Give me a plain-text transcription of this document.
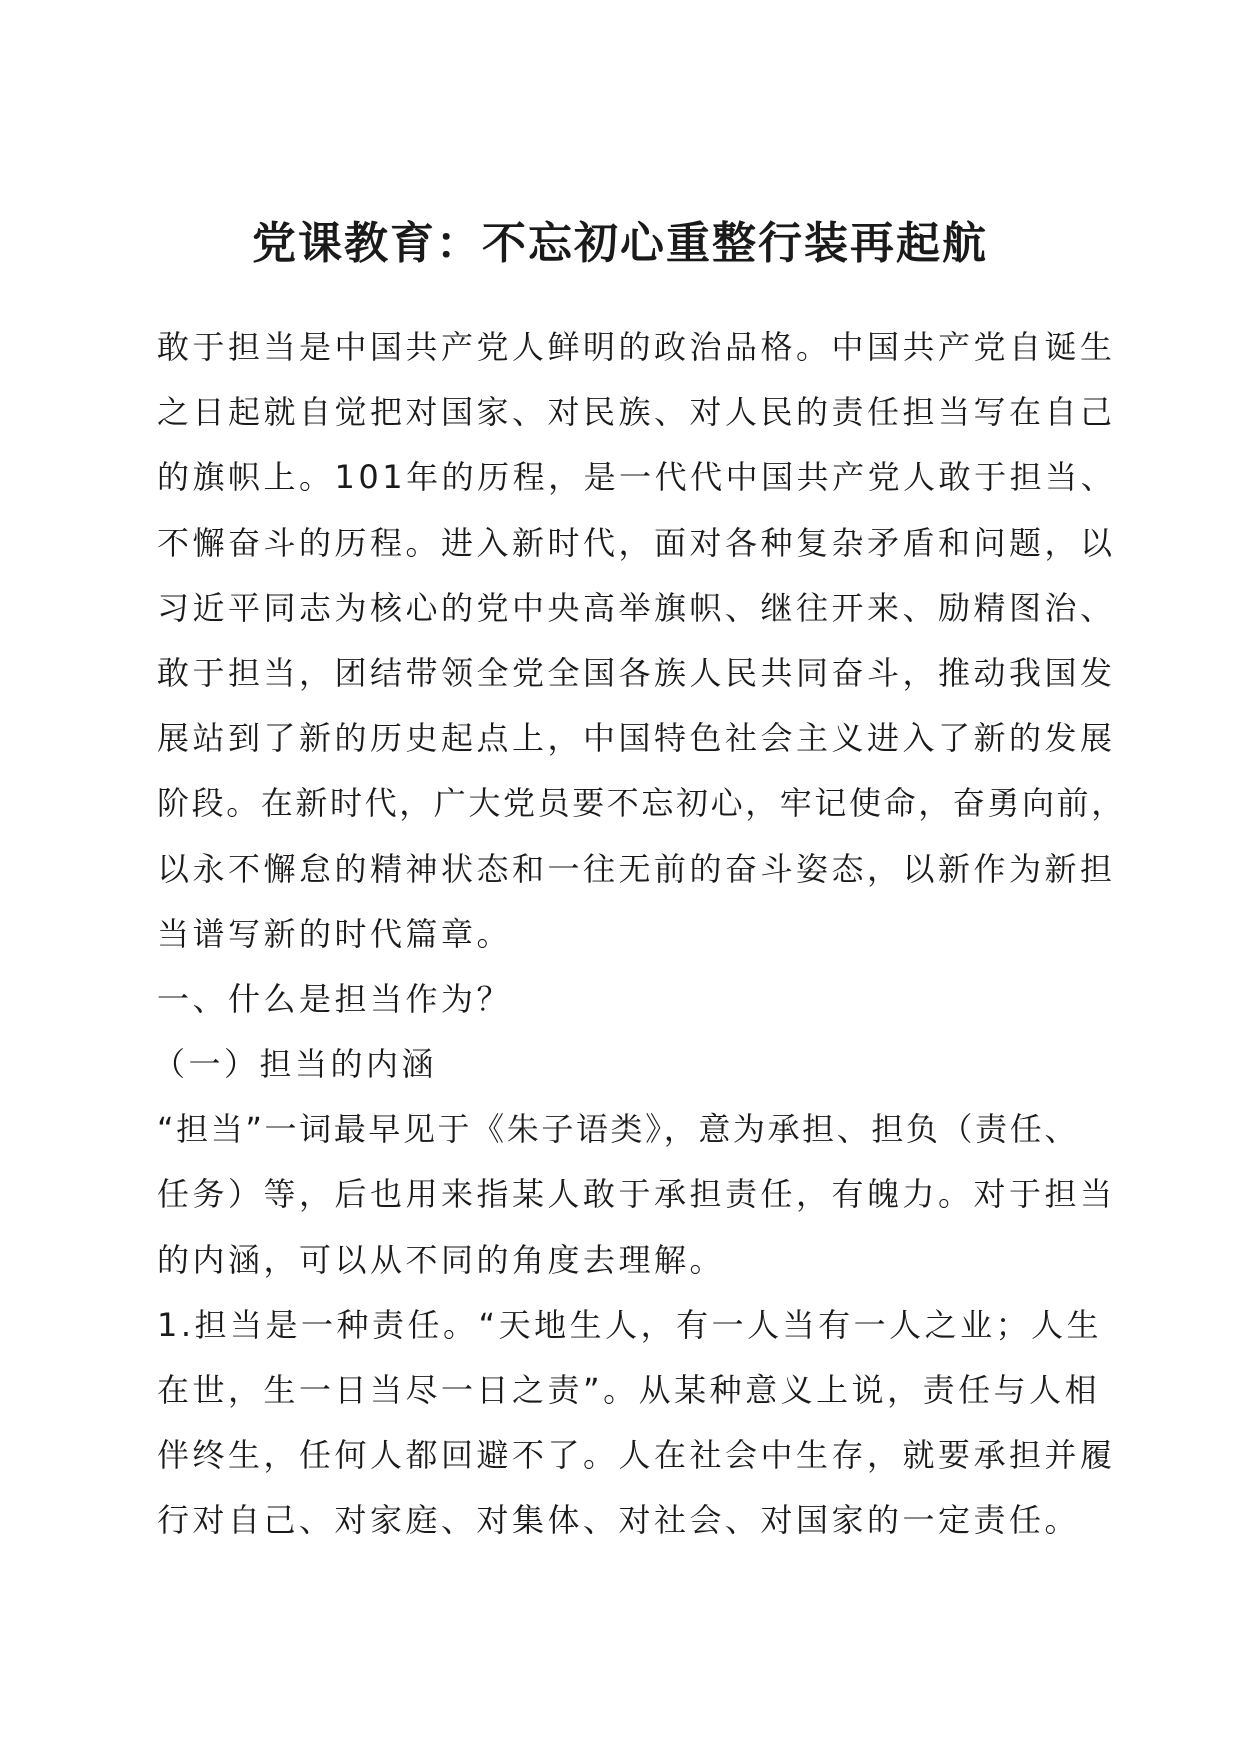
党课教育：不忘初心重整行装再起航
敢于担当是中国共产党人鲜明的政治品格。中国共产党自诞生
之日起就自觉把对国家、对民族、对人民的责任担当写在自己
的旗帜上。101年的历程，是一代代中国共产党人敢于担当、
不懈奋斗的历程。进入新时代，面对各种复杂矛盾和问题，以
习近平同志为核心的党中央高举旗帜、继往开来、励精图治、
敢于担当，团结带领全党全国各族人民共同奋斗，推动我国发
展站到了新的历史起点上，中国特色社会主义进入了新的发展
阶段。在新时代，广大党员要不忘初心，牢记使命，奋勇向前，
以永不懈怠的精神状态和一往无前的奋斗姿态，以新作为新担
当谱写新的时代篇章。
一、什么是担当作为？
（一）担当的内涵
“担当”一词最早见于《朱子语类》，意为承担、担负（责任、
任务）等，后也用来指某人敢于承担责任，有魄力。对于担当
的内涵，可以从不同的角度去理解。
1.担当是一种责任。“天地生人，有一人当有一人之业；人生
在世，生一日当尽一日之责”。从某种意义上说，责任与人相
伴终生，任何人都回避不了。人在社会中生存，就要承担并履
行对自己、对家庭、对集体、对社会、对国家的一定责任。
